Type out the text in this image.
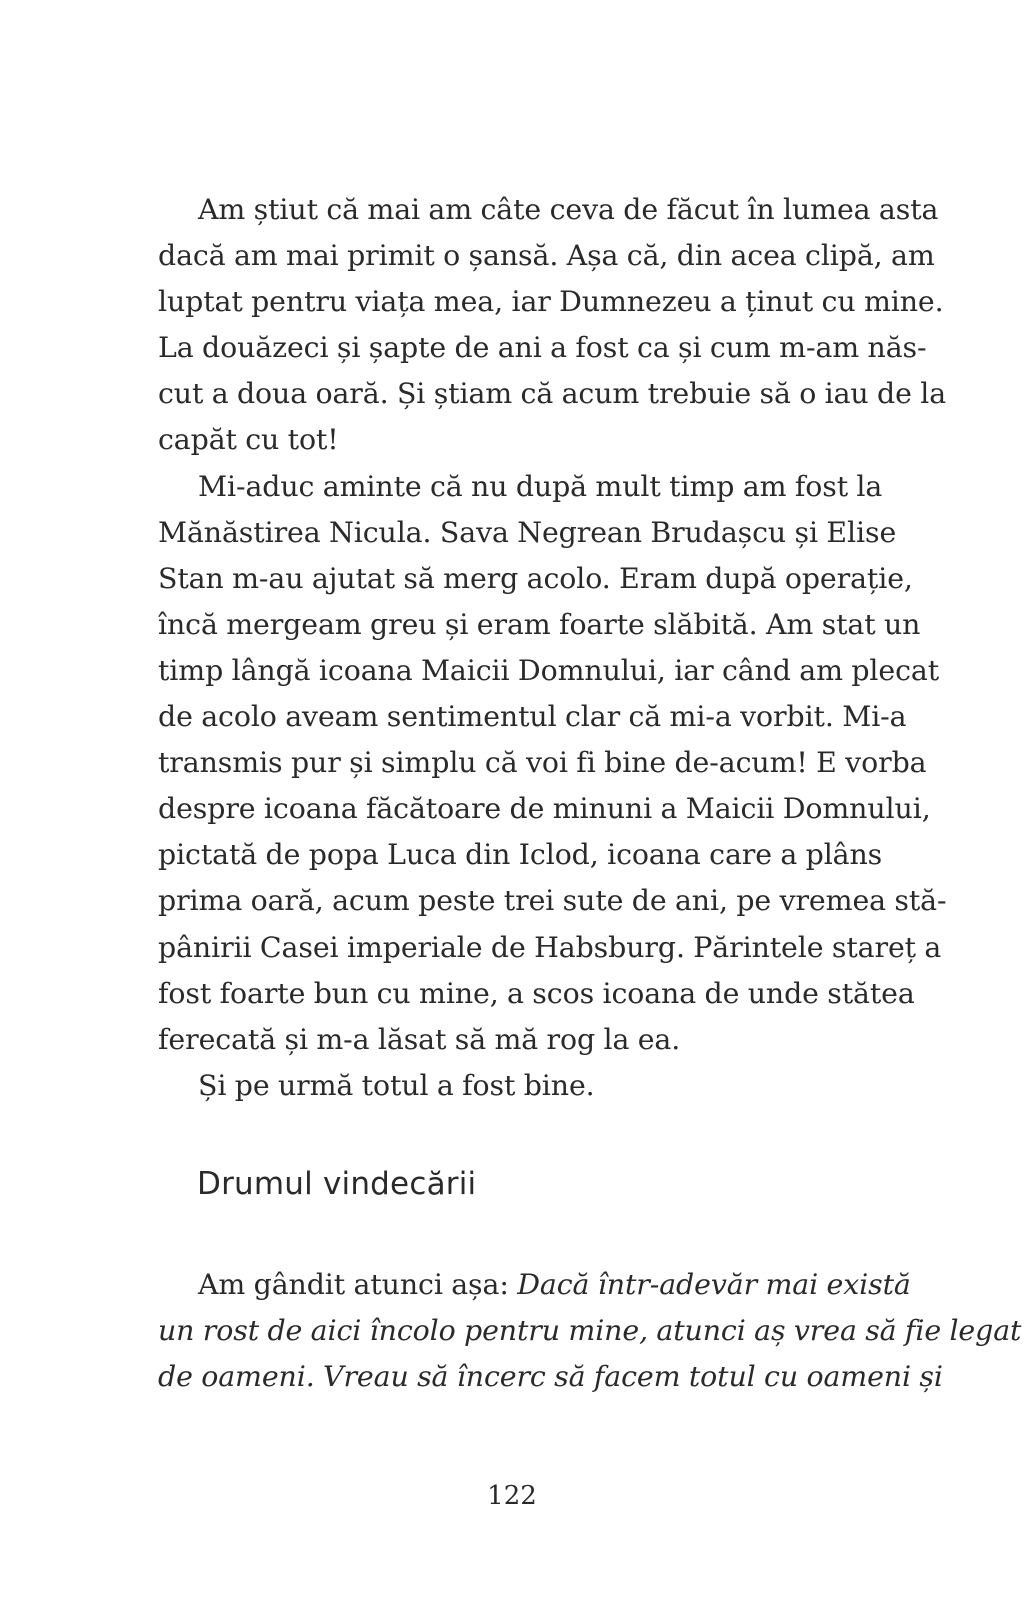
Am știut că mai am câte ceva de făcut în lumea asta
dacă am mai primit o șansă. Așa că, din acea clipă, am
luptat pentru viața mea, iar Dumnezeu a ținut cu mine.
La douăzeci și șapte de ani a fost ca și cum m-am năs-
cut a doua oară. Și știam că acum trebuie să o iau de la
capăt cu tot!
Mi-aduc aminte că nu după mult timp am fost la
Mănăstirea Nicula. Sava Negrean Brudașcu și Elise
Stan m-au ajutat să merg acolo. Eram după operație,
încă mergeam greu și eram foarte slăbită. Am stat un
timp lângă icoana Maicii Domnului, iar când am plecat
de acolo aveam sentimentul clar că mi-a vorbit. Mi-a
transmis pur și simplu că voi fi bine de-acum! E vorba
despre icoana făcătoare de minuni a Maicii Domnului,
pictată de popa Luca din Iclod, icoana care a plâns
prima oară, acum peste trei sute de ani, pe vremea stă-
pânirii Casei imperiale de Habsburg. Părintele stareț a
fost foarte bun cu mine, a scos icoana de unde stătea
ferecată și m-a lăsat să mă rog la ea.
Și pe urmă totul a fost bine.
Drumul vindecării
Am gândit atunci așa: Dacă într-adevăr mai există
un rost de aici încolo pentru mine, atunci aș vrea să fie legat
de oameni. Vreau să încerc să facem totul cu oameni și
122
